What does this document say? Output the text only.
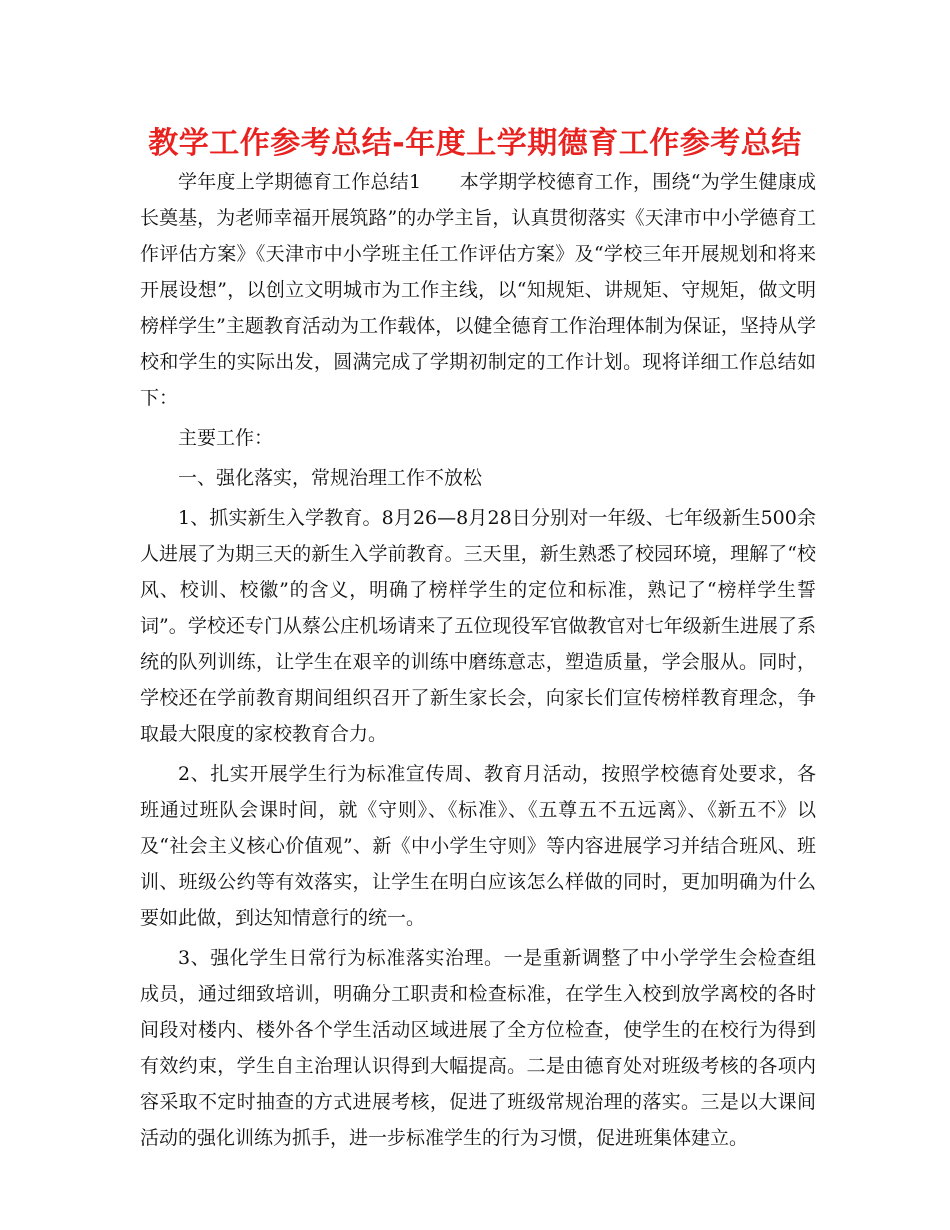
教学工作参考总结-年度上学期德育工作参考总结

学年度上学期德育工作总结1　　本学期学校德育工作，围绕“为学生健康成长奠基，为老师幸福开展筑路”的办学主旨，认真贯彻落实《天津市中小学德育工作评估方案》《天津市中小学班主任工作评估方案》及“学校三年开展规划和将来开展设想”，以创立文明城市为工作主线，以“知规矩、讲规矩、守规矩，做文明榜样学生”主题教育活动为工作载体，以健全德育工作治理体制为保证，坚持从学校和学生的实际出发，圆满完成了学期初制定的工作计划。现将详细工作总结如下：

主要工作：

一、强化落实，常规治理工作不放松

1、抓实新生入学教育。8月26—8月28日分别对一年级、七年级新生500余人进展了为期三天的新生入学前教育。三天里，新生熟悉了校园环境，理解了“校风、校训、校徽”的含义，明确了榜样学生的定位和标准，熟记了“榜样学生誓词”。学校还专门从蔡公庄机场请来了五位现役军官做教官对七年级新生进展了系统的队列训练，让学生在艰辛的训练中磨练意志，塑造质量，学会服从。同时，学校还在学前教育期间组织召开了新生家长会，向家长们宣传榜样教育理念，争取最大限度的家校教育合力。

2、扎实开展学生行为标准宣传周、教育月活动，按照学校德育处要求，各班通过班队会课时间，就《守则》、《标准》、《五尊五不五远离》、《新五不》以及“社会主义核心价值观”、新《中小学生守则》等内容进展学习并结合班风、班训、班级公约等有效落实，让学生在明白应该怎么样做的同时，更加明确为什么要如此做，到达知情意行的统一。

3、强化学生日常行为标准落实治理。一是重新调整了中小学学生会检查组成员，通过细致培训，明确分工职责和检查标准，在学生入校到放学离校的各时间段对楼内、楼外各个学生活动区域进展了全方位检查，使学生的在校行为得到有效约束，学生自主治理认识得到大幅提高。二是由德育处对班级考核的各项内容采取不定时抽查的方式进展考核，促进了班级常规治理的落实。三是以大课间活动的强化训练为抓手，进一步标准学生的行为习惯，促进班集体建立。
